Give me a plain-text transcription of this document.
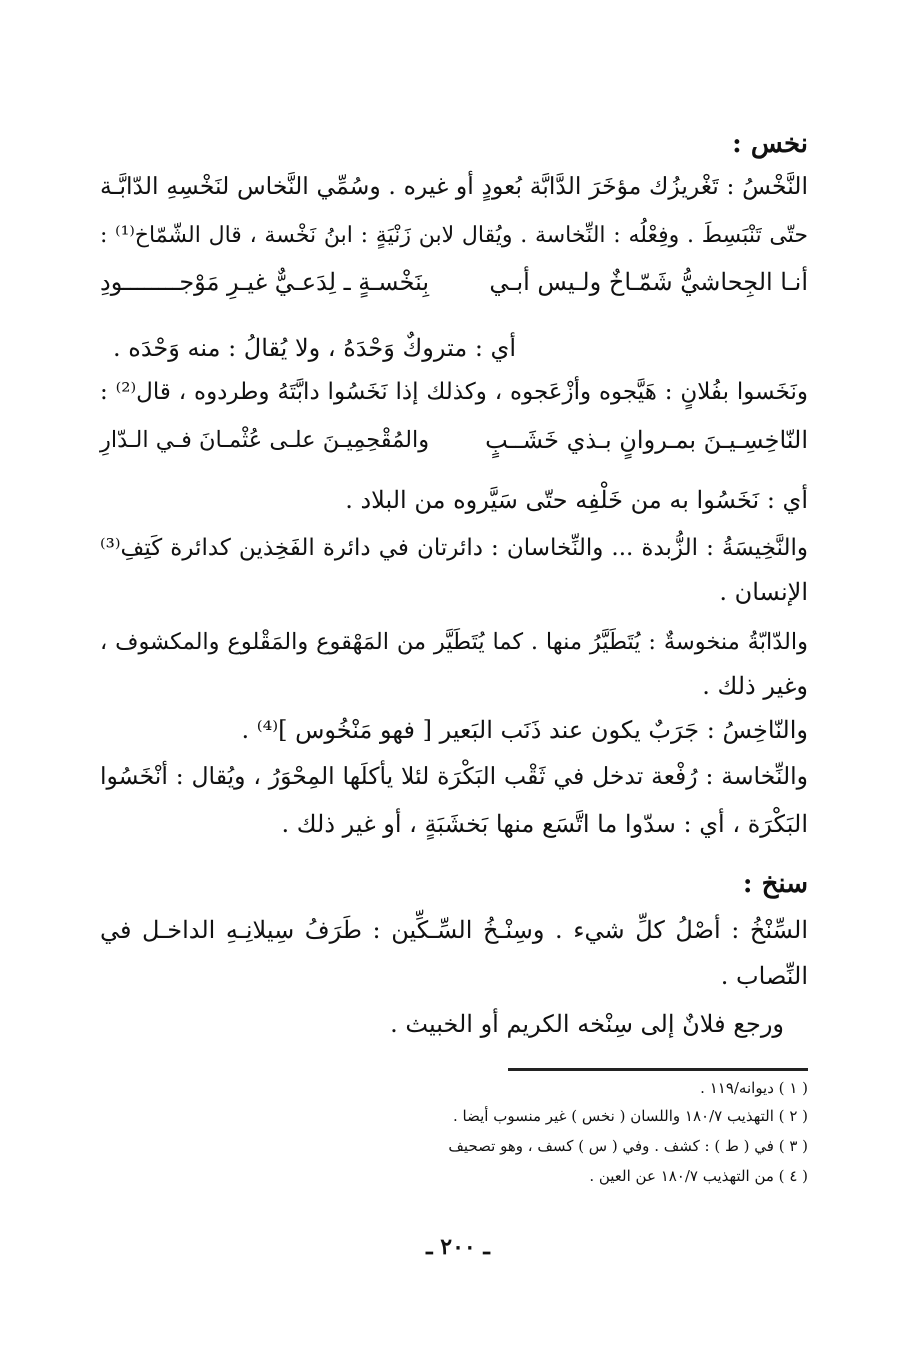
نخس :
النَّخْسُ : تَغْريزُك مؤخَرَ الدَّابَّة بُعودٍ أو غيره . وسُمِّي النَّخاس لنَخْسِهِ الدّابَّـة
حتّى تَنْبَسِطَ . وفِعْلُه : النِّخاسة . ويُقال لابن زَنْيَةٍ : ابنُ نَخْسة ، قال الشّمّاخ⁽¹⁾ :
أنـا الجِحاشيُّ شَمّـاخٌ ولـيس أبـي
بِنَخْسـةٍ ـ لِدَعـيٌّ غيـرِ مَوْجــــــــودِ
أي : متروكٌ وَحْدَهُ ، ولا يُقالُ : منه وَحْدَه .
ونَخَسوا بفُلانٍ : هَيَّجوه وأزْعَجوه ، وكذلك إذا نَخَسُوا دابَّتَهُ وطردوه ، قال⁽²⁾ :
النّاخِسِـيـنَ بمـروانٍ بـذي خَشَــبٍ
والمُقْحِمِيـنَ علـى عُثْمـانَ فـي الـدّارِ
أي : نَخَسُوا به من خَلْفِه حتّى سَيَّروه من البلاد .
والنَّخِيسَةُ : الزُّبدة ... والنِّخاسان : دائرتان في دائرة الفَخِذين كدائرة كَتِفِ⁽³⁾
الإنسان .
والدّابّةُ منخوسةٌ : يُتَطَيَّرُ منها . كما يُتَطَيَّر من المَهْقوع والمَقْلوع والمكشوف ،
وغير ذلك .
والنّاخِسُ : جَرَبٌ يكون عند ذَنَب البَعير [ فهو مَنْخُوس ]⁽⁴⁾ .
والنِّخاسة : رُفْعة تدخل في ثَقْب البَكْرَة لئلا يأكلَها المِحْوَرُ ، ويُقال : أنْخَسُوا
البَكْرَة ، أي : سدّوا ما اتَّسَع منها بَخشَبَةٍ ، أو غير ذلك .
سنخ :
السِّنْخُ : أصْلُ كلِّ شيء . وسِنْـخُ السِّـكِّين : طَرَفُ سِيلانِـهِ الداخـل في
النِّصاب .
ورجع فلانٌ إلى سِنْخه الكريم أو الخبيث .
( ١ ) ديوانه/١١٩ .
( ٢ ) التهذيب ١٨٠/٧ واللسان ( نخس ) غير منسوب أيضا .
( ٣ ) في ( ط ) : كشف . وفي ( س ) كسف ، وهو تصحيف
( ٤ ) من التهذيب ١٨٠/٧ عن العين .
ـ ٢٠٠ ـ
